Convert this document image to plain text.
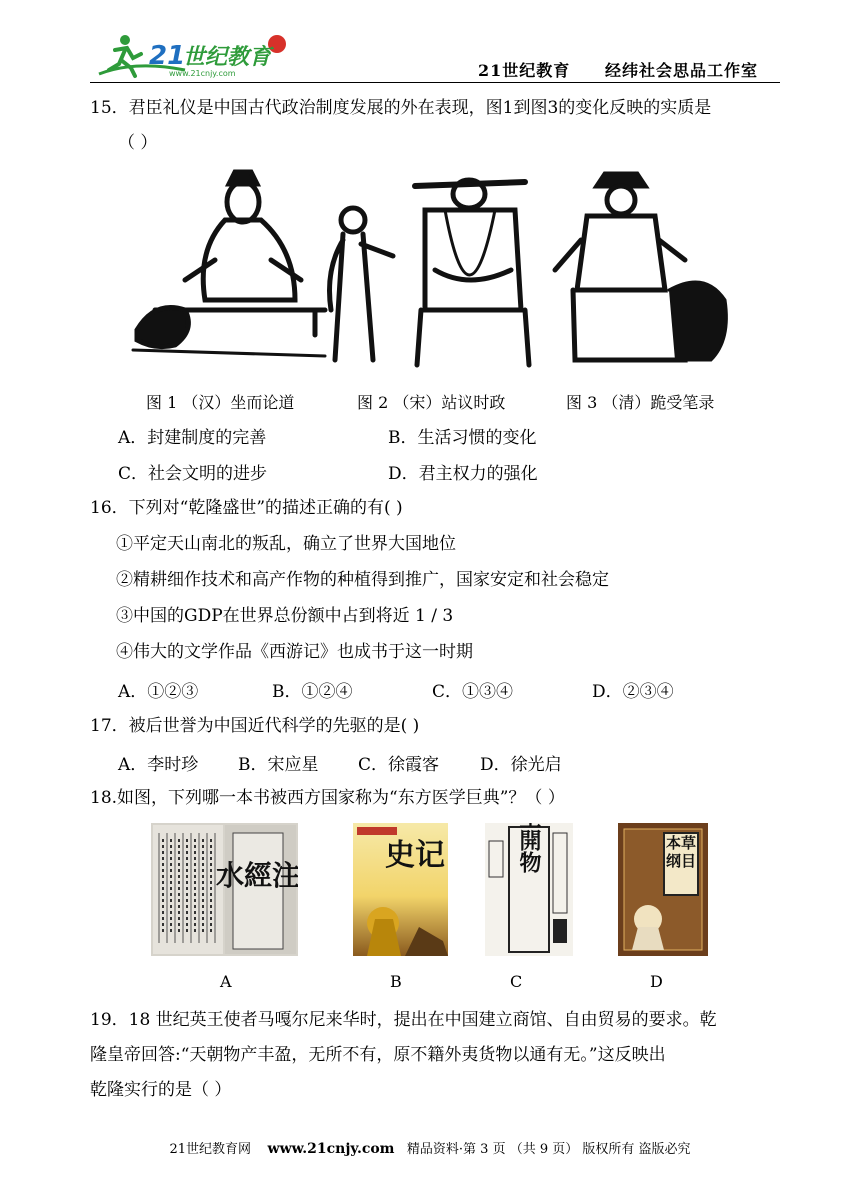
21
世纪教育
www.21cnjy.com	21世纪教育 经纬社会思品工作室
15．君臣礼仪是中国古代政治制度发展的外在表现，图1到图3的变化反映的实质是
（ ）
图 1 （汉）坐而论道	图 2 （宋）站议时政	图 3 （清）跪受笔录
A．封建制度的完善	B．生活习惯的变化
C．社会文明的进步	D．君主权力的强化
16．下列对“乾隆盛世”的描述正确的有( )
①平定天山南北的叛乱，确立了世界大国地位
②精耕细作技术和高产作物的种植得到推广，国家安定和社会稳定
③中国的GDP在世界总份额中占到将近 1 / 3
④伟大的文学作品《西游记》也成书于这一时期
A．①②③	B．①②④	C．①③④	D．②③④
17．被后世誉为中国近代科学的先驱的是( )
A．李时珍 B．宋应星 C．徐霞客 D．徐光启
18.如图，下列哪一本书被西方国家称为“东方医学巨典”？（ ）
水經注
史记	天工開物	本草纲目
A	B	C	D
19．18 世纪英王使者马嘎尔尼来华时，提出在中国建立商馆、自由贸易的要求。乾
隆皇帝回答:“天朝物产丰盈，无所不有，原不籍外夷货物以通有无。”这反映出
乾隆实行的是（ ）
21世纪教育网 www.21cnjy.com 精品资料·第 3 页 （共 9 页） 版权所有 盗版必究
